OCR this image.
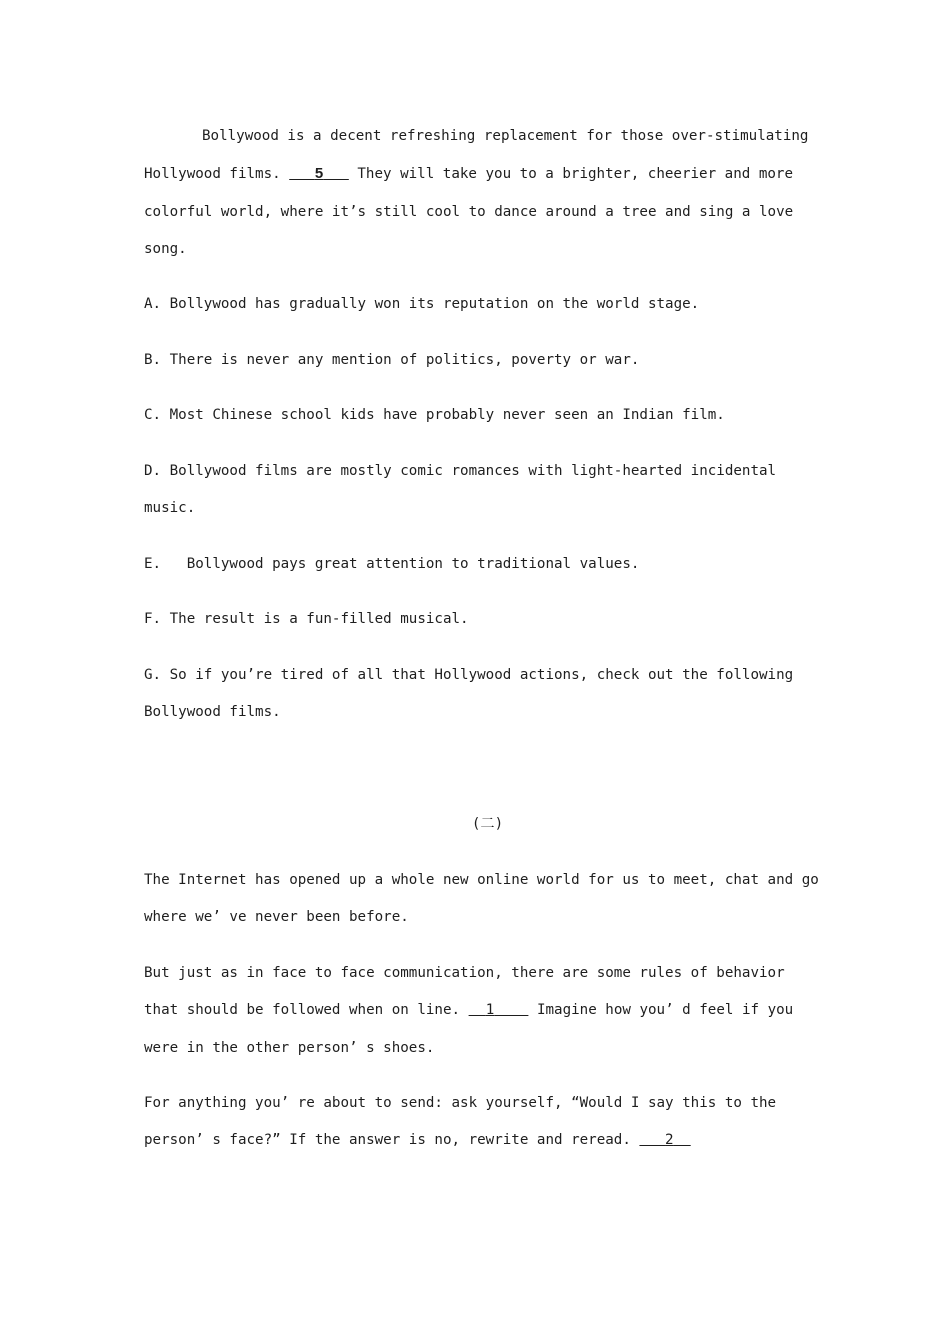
Bollywood is a decent refreshing replacement for those over-stimulating Hollywood films. 5 They will take you to a brighter, cheerier and more colorful world, where it’s still cool to dance around a tree and sing a love song.
A. Bollywood has gradually won its reputation on the world stage.
B. There is never any mention of politics, poverty or war.
C. Most Chinese school kids have probably never seen an Indian film.
D. Bollywood films are mostly comic romances with light-hearted incidental music.
E. Bollywood pays great attention to traditional values.
F. The result is a fun-filled musical.
G. So if you’re tired of all that Hollywood actions, check out the following Bollywood films.
(二)
The Internet has opened up a whole new online world for us to meet, chat and go where we’ ve never been before.
But just as in face to face communication, there are some rules of behavior that should be followed when on line. 1	Imagine how you’ d feel if you were in the other person’ s shoes.
For anything you’ re about to send: ask yourself, “Would I say this to the person’ s face?” If the answer is no, rewrite and reread. 2
